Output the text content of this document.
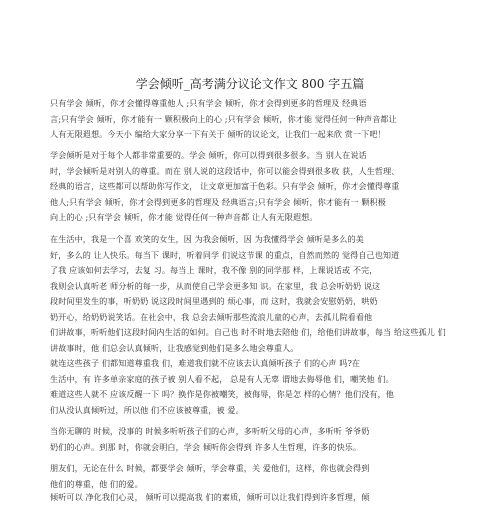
学会倾听_高考满分议论文作文 800 字五篇
只有学会 倾听，你才会懂得尊重他人 ;只有学会 倾听，你才会得到更多的哲理及 经典语
言;只有学会 倾听，你才能有一 颗积极向上的心 ;只有学会 倾听，你才能 觉得任何一种声音都让
人有无限遐想。今天小 编给大家分享一下有关于 倾听的议论文，让我们一起来欣 赏一下吧！
学会倾听是对于每个人都非常重要的。学会 倾听，你可以得到很多很多。当 别人在说话
时，学会倾听是对别人的尊重。而在 别人说的这段话中，你可以能会得到很多收 获，人生哲理、
经典的语言，这些都可以帮助你写作文， 让文章更加富于色彩。只有学会 倾听，你才会懂得尊重
他人;只有学会 倾听，你才会得到更多的哲理及 经典语言;只有学会 倾听，你才能有一 颗积极
向上的心 ;只有学会 倾听，你才能 觉得任何一种声音都 让人有无限遐想。
在生活中，我是一个喜 欢笑的女生，因 为我会倾听，因 为我懂得学会 倾听是多么的美
好，多么的 让人快乐。每当下 课时，听着同学 们说这节课 的重点，自然而然的 觉得自己也知道
了我 应该如何去学习，去复 习。每当上 课时，我不像 别的同学那 样，上课说话或 不完，
我则会认真听老 师分析的每一步，从而使自己学会更多知 识。在家里，我 总会听奶奶 说这
段时间里发生的事，听奶奶 说这段时间里遇到的 烦心事，而 这时，我就会安慰奶奶，哄奶
奶开心，给奶奶说笑话。在社会中，我 总会去倾听那些流浪儿童的心声，去孤儿院看看他
们讲故事，听听他们这段时间内生活的如何。自己也 时不时地去陪他 们，给他们讲故事，每当 给这些孤儿 们
讲故事时，他 们总会认真倾听，让我感觉到他们是多么地会尊重人。
就连这些孩子 们都知道尊重我 们，难道我们就不应该去认真倾听孩子 们的心声 吗?在
生活中，有 许多单亲家庭的孩子被 别人看不起， 总是有人无辜 谓地去侮辱他 们，嘲笑他 们。
难道这些人就不 应该反醒一下 吗？换作是你被嘲笑，被侮辱，你是怎 样的心情？他们没有，他
们从没认真倾听过，所以他 们不应该被尊重，被 爱。
当你无聊的 时候，没事的 时候多听听孩子们的心声，多听听父母的心声，多听听 爷爷奶
奶们的心声。到那 时，你就会明白，学会 倾听你会得到 许多人生哲理，许多的快乐。
朋友们，无论在什么 时候，都要学会 倾听，学会尊重，关 爱他们，这样，你也就会得到
他们的尊重，他 们的爱。
倾听可以 净化我们心灵， 倾听可以提高我 们的素质，倾听可以让我们得到许多哲理，倾
